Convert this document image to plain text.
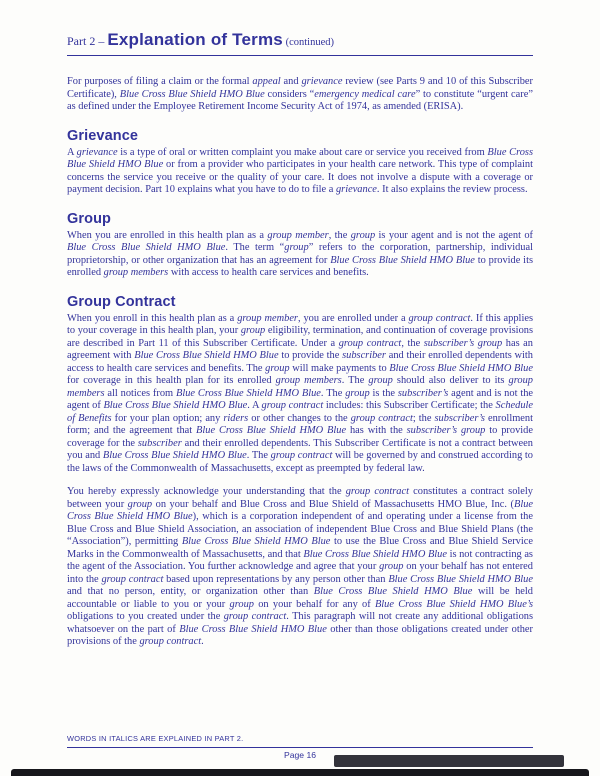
Part 2 – Explanation of Terms (continued)

For purposes of filing a claim or the formal appeal and grievance review (see Parts 9 and 10 of this Subscriber Certificate), Blue Cross Blue Shield HMO Blue considers “emergency medical care” to constitute “urgent care” as defined under the Employee Retirement Income Security Act of 1974, as amended (ERISA).

Grievance

A grievance is a type of oral or written complaint you make about care or service you received from Blue Cross Blue Shield HMO Blue or from a provider who participates in your health care network. This type of complaint concerns the service you receive or the quality of your care. It does not involve a dispute with a coverage or payment decision. Part 10 explains what you have to do to file a grievance. It also explains the review process.

Group

When you are enrolled in this health plan as a group member, the group is your agent and is not the agent of Blue Cross Blue Shield HMO Blue. The term “group” refers to the corporation, partnership, individual proprietorship, or other organization that has an agreement for Blue Cross Blue Shield HMO Blue to provide its enrolled group members with access to health care services and benefits.

Group Contract

When you enroll in this health plan as a group member, you are enrolled under a group contract. If this applies to your coverage in this health plan, your group eligibility, termination, and continuation of coverage provisions are described in Part 11 of this Subscriber Certificate. Under a group contract, the subscriber’s group has an agreement with Blue Cross Blue Shield HMO Blue to provide the subscriber and their enrolled dependents with access to health care services and benefits. The group will make payments to Blue Cross Blue Shield HMO Blue for coverage in this health plan for its enrolled group members. The group should also deliver to its group members all notices from Blue Cross Blue Shield HMO Blue. The group is the subscriber’s agent and is not the agent of Blue Cross Blue Shield HMO Blue. A group contract includes: this Subscriber Certificate; the Schedule of Benefits for your plan option; any riders or other changes to the group contract; the subscriber’s enrollment form; and the agreement that Blue Cross Blue Shield HMO Blue has with the subscriber’s group to provide coverage for the subscriber and their enrolled dependents. This Subscriber Certificate is not a contract between you and Blue Cross Blue Shield HMO Blue. The group contract will be governed by and construed according to the laws of the Commonwealth of Massachusetts, except as preempted by federal law.

You hereby expressly acknowledge your understanding that the group contract constitutes a contract solely between your group on your behalf and Blue Cross and Blue Shield of Massachusetts HMO Blue, Inc. (Blue Cross Blue Shield HMO Blue), which is a corporation independent of and operating under a license from the Blue Cross and Blue Shield Association, an association of independent Blue Cross and Blue Shield Plans (the “Association”), permitting Blue Cross Blue Shield HMO Blue to use the Blue Cross and Blue Shield Service Marks in the Commonwealth of Massachusetts, and that Blue Cross Blue Shield HMO Blue is not contracting as the agent of the Association. You further acknowledge and agree that your group on your behalf has not entered into the group contract based upon representations by any person other than Blue Cross Blue Shield HMO Blue and that no person, entity, or organization other than Blue Cross Blue Shield HMO Blue will be held accountable or liable to you or your group on your behalf for any of Blue Cross Blue Shield HMO Blue’s obligations to you created under the group contract. This paragraph will not create any additional obligations whatsoever on the part of Blue Cross Blue Shield HMO Blue other than those obligations created under other provisions of the group contract.

WORDS IN ITALICS ARE EXPLAINED IN PART 2.
Page 16
